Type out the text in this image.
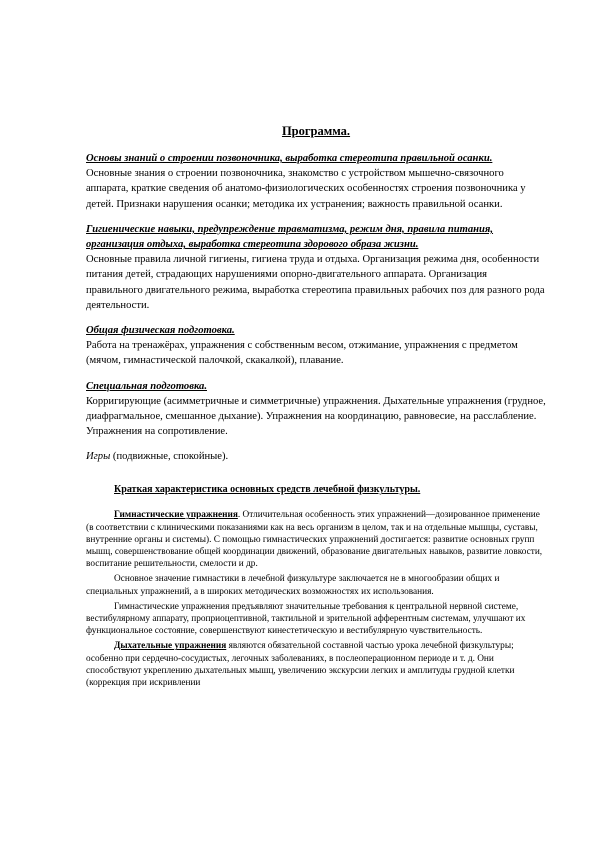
Программа.
Основы знаний о строении позвоночника, выработка стереотипа правильной осанки.
Основные знания о строении позвоночника, знакомство с устройством мышечно-связочного аппарата, краткие сведения об анатомо-физиологических особенностях строения позвоночника у детей. Признаки нарушения осанки; методика их устранения; важность правильной осанки.
Гигиенические навыки, предупреждение травматизма, режим дня, правила питания, организация отдыха, выработка стереотипа здорового образа жизни.
Основные правила личной гигиены, гигиена труда и отдыха. Организация режима дня, особенности питания детей, страдающих нарушениями опорно-двигательного аппарата. Организация правильного двигательного режима, выработка стереотипа правильных рабочих поз для разного рода деятельности.
Общая физическая подготовка.
Работа на тренажёрах, упражнения с собственным весом, отжимание, упражнения с предметом (мячом, гимнастической палочкой, скакалкой), плавание.
Специальная подготовка.
Корригирующие (асимметричные и симметричные) упражнения. Дыхательные упражнения (грудное, диафрагмальное, смешанное дыхание). Упражнения на координацию, равновесие, на расслабление. Упражнения на сопротивление.
Игры (подвижные, спокойные).
Краткая характеристика основных средств лечебной физкультуры.

Гимнастические упражнения. Отличительная особенность этих упражнений—дозированное применение (в соответствии с клиническими показаниями как на весь организм в целом, так и на отдельные мышцы, суставы, внутренние органы и системы). С помощью гимнастических упражнений достигается: развитие основных групп мышц, совершенствование общей координации движений, образование двигательных навыков, развитие ловкости, воспитание решительности, смелости и др.

Основное значение гимнастики в лечебной физкультуре заключается не в многообразии общих и специальных упражнений, а в широких методических возможностях их использования.

Гимнастические упражнения предъявляют значительные требования к центральной нервной системе, вестибулярному аппарату, проприоцептивной, тактильной и зрительной афферентным системам, улучшают их функциональное состояние, совершенствуют кинестетическую и вестибулярную чувствительность.

Дыхательные упражнения являются обязательной составной частью урока лечебной физкультуры; особенно при сердечно-сосудистых, легочных заболеваниях, в послеоперационном периоде и т. д. Они способствуют укреплению дыхательных мышц, увеличению экскурсии легких и амплитуды грудной клетки (коррекция при искривлении
